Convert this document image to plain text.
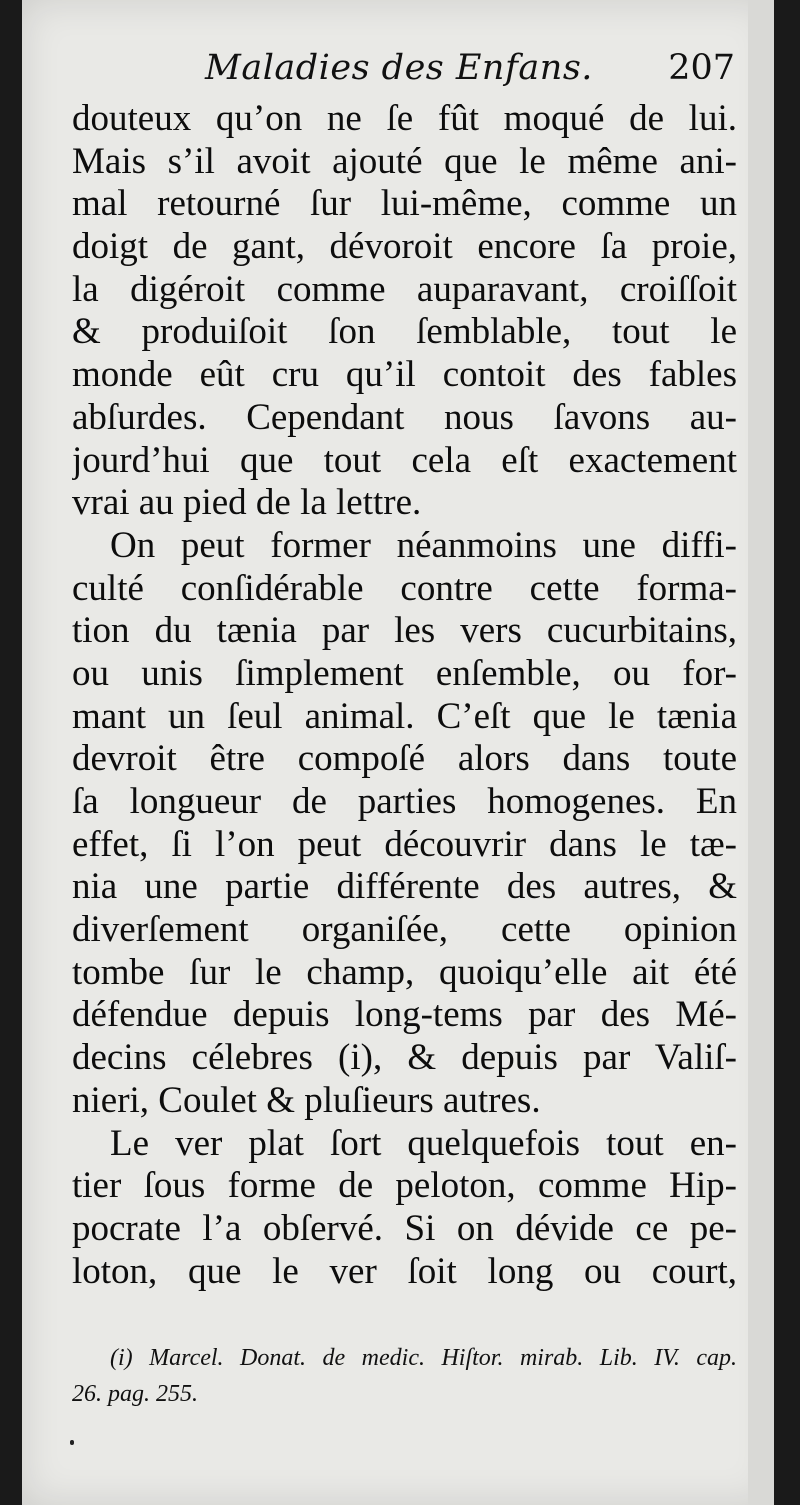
Maladies des Enfans. 207
douteux qu’on ne ſe fût moqué de lui.
Mais s’il avoit ajouté que le même ani-
mal retourné ſur lui-même, comme un
doigt de gant, dévoroit encore ſa proie,
la digéroit comme auparavant, croiſſoit
& produiſoit ſon ſemblable, tout le
monde eût cru qu’il contoit des fables
abſurdes. Cependant nous ſavons au-
jourd’hui que tout cela eſt exactement
vrai au pied de la lettre.
On peut former néanmoins une diffi-
culté conſidérable contre cette forma-
tion du tænia par les vers cucurbitains,
ou unis ſimplement enſemble, ou for-
mant un ſeul animal. C’eſt que le tænia
devroit être compoſé alors dans toute
ſa longueur de parties homogenes. En
effet, ſi l’on peut découvrir dans le tæ-
nia une partie différente des autres, &
diverſement organiſée, cette opinion
tombe ſur le champ, quoiqu’elle ait été
défendue depuis long-tems par des Mé-
decins célebres (i), & depuis par Valiſ-
nieri, Coulet & pluſieurs autres.
Le ver plat ſort quelquefois tout en-
tier ſous forme de peloton, comme Hip-
pocrate l’a obſervé. Si on dévide ce pe-
loton, que le ver ſoit long ou court,
(i) Marcel. Donat. de medic. Hiſtor. mirab. Lib. IV. cap.
26. pag. 255.
